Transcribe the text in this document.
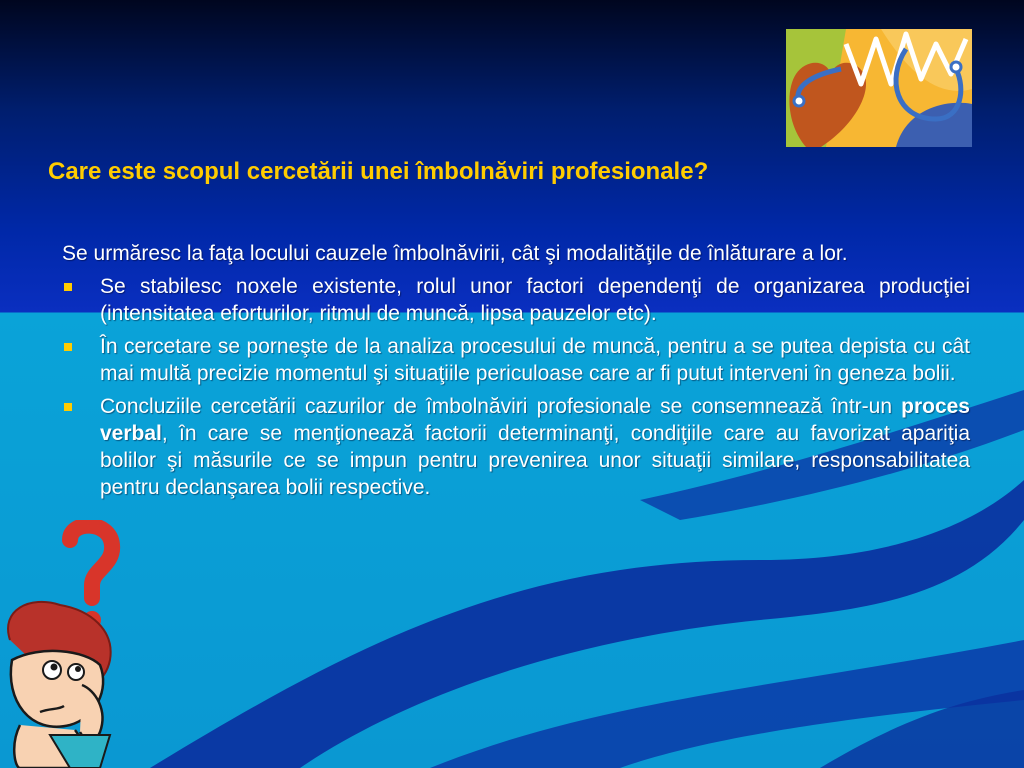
Care este scopul cercetării unei îmbolnăviri profesionale?
Se urmăresc la faţa locului cauzele îmbolnăvirii, cât şi modalităţile de înlăturare a lor.
Se stabilesc noxele existente, rolul unor factori dependenţi de organizarea producţiei (intensitatea eforturilor, ritmul de muncă, lipsa pauzelor etc).
În cercetare se porneşte de la analiza procesului de muncă, pentru a se putea depista cu cât mai multă precizie momentul şi situaţiile periculoase care ar fi putut interveni în geneza bolii.
Concluziile cercetării cazurilor de îmbolnăviri profesionale se consemnează într-un proces verbal, în care se menţionează factorii determinanţi, condiţiile care au favorizat apariţia bolilor şi măsurile ce se impun pentru prevenirea unor situaţii similare, responsabilitatea pentru declanşarea bolii respective.
